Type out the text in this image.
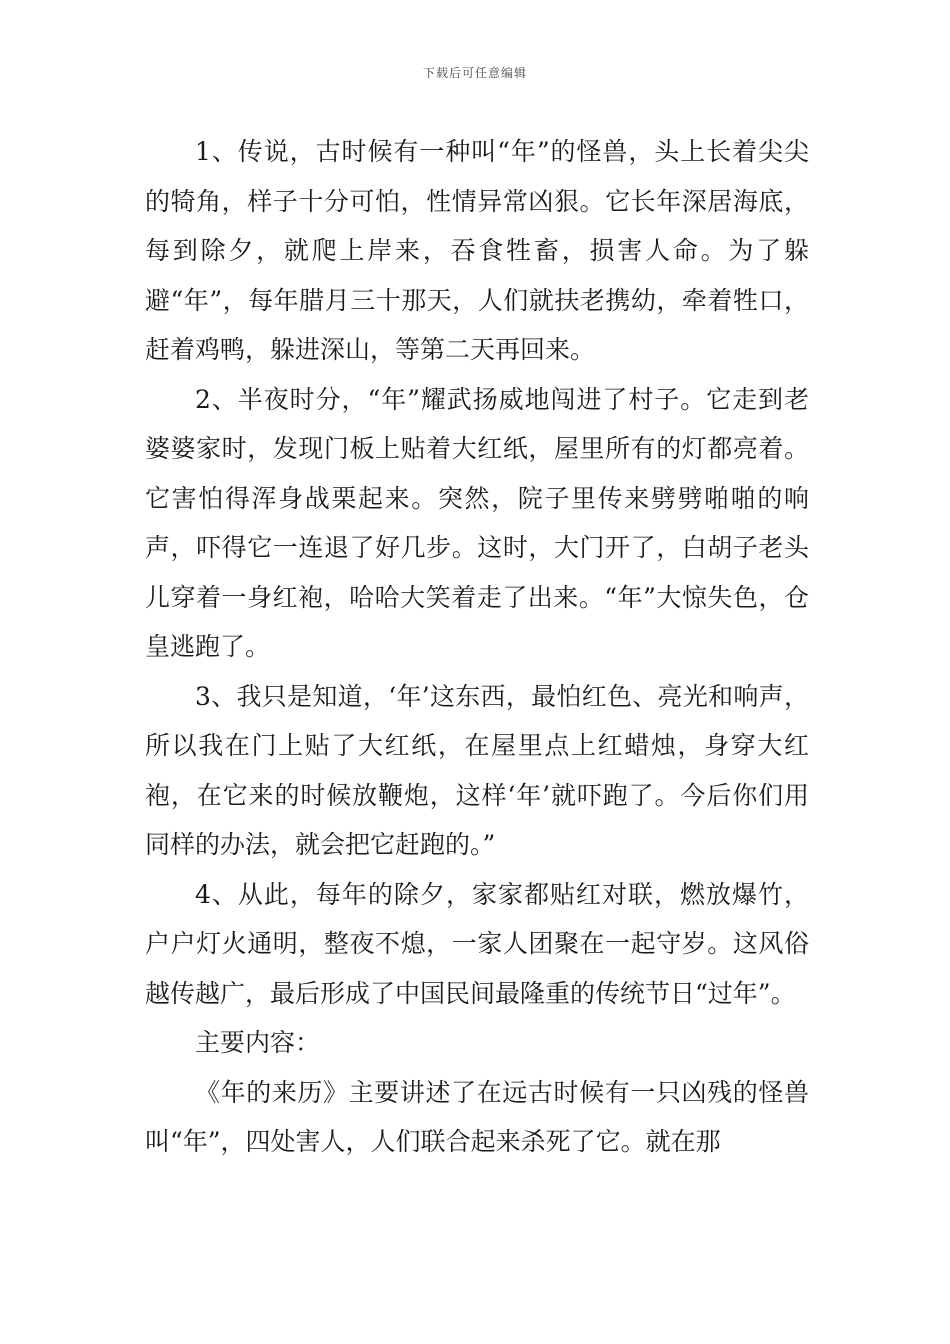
下载后可任意编辑

1、传说，古时候有一种叫“年”的怪兽，头上长着尖尖的犄角，样子十分可怕，性情异常凶狠。它长年深居海底，每到除夕，就爬上岸来，吞食牲畜，损害人命。为了躲避“年”，每年腊月三十那天，人们就扶老携幼，牵着牲口，赶着鸡鸭，躲进深山，等第二天再回来。

2、半夜时分，“年”耀武扬威地闯进了村子。它走到老婆婆家时，发现门板上贴着大红纸，屋里所有的灯都亮着。它害怕得浑身战栗起来。突然，院子里传来劈劈啪啪的响声，吓得它一连退了好几步。这时，大门开了，白胡子老头儿穿着一身红袍，哈哈大笑着走了出来。“年”大惊失色，仓皇逃跑了。

3、我只是知道，‘年’这东西，最怕红色、亮光和响声，所以我在门上贴了大红纸，在屋里点上红蜡烛，身穿大红袍，在它来的时候放鞭炮，这样‘年’就吓跑了。今后你们用同样的办法，就会把它赶跑的。”

4、从此，每年的除夕，家家都贴红对联，燃放爆竹，户户灯火通明，整夜不熄，一家人团聚在一起守岁。这风俗越传越广，最后形成了中国民间最隆重的传统节日“过年”。

主要内容：

《年的来历》主要讲述了在远古时候有一只凶残的怪兽叫“年”，四处害人，人们联合起来杀死了它。就在那
